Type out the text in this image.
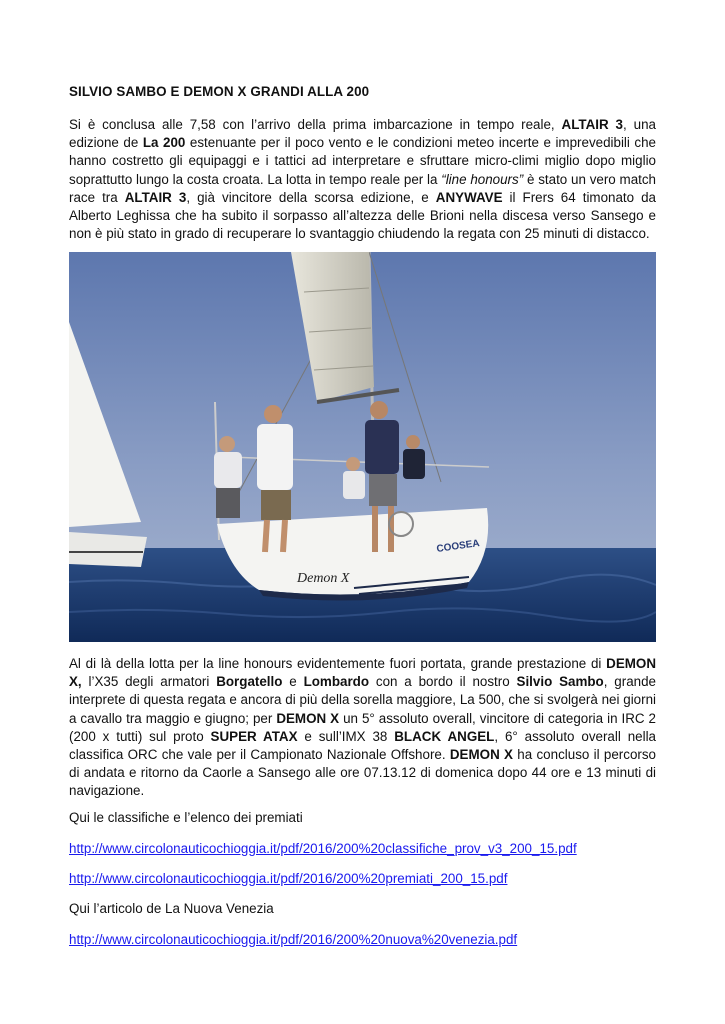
SILVIO SAMBO E DEMON X GRANDI ALLA 200
Si è conclusa alle 7,58 con l’arrivo della prima imbarcazione in tempo reale, ALTAIR 3, una
edizione de La 200 estenuante per il poco vento e le condizioni meteo incerte e imprevedibili che
hanno costretto gli equipaggi e i tattici ad interpretare e sfruttare micro-climi miglio dopo miglio
soprattutto lungo la costa croata. La lotta in tempo reale per la “line honours” è stato un vero match
race tra ALTAIR 3, già vincitore della scorsa edizione, e ANYWAVE il Frers 64 timonato da
Alberto Leghissa che ha subito il sorpasso all’altezza delle Brioni nella discesa verso Sansego e
non è più stato in grado di recuperare lo svantaggio chiudendo la regata con 25 minuti di distacco.
Demon X
COOSEA
Al di là della lotta per la line honours evidentemente fuori portata, grande prestazione di DEMON
X, l’X35 degli armatori Borgatello e Lombardo con a bordo il nostro Silvio Sambo, grande
interprete di questa regata e ancora di più della sorella maggiore, La 500, che si svolgerà nei giorni
a cavallo tra maggio e giugno; per DEMON X un 5° assoluto overall, vincitore di categoria in IRC 2
(200 x tutti) sul proto SUPER ATAX e sull’IMX 38 BLACK ANGEL, 6° assoluto overall nella
classifica ORC che vale per il Campionato Nazionale Offshore. DEMON X ha concluso il percorso
di andata e ritorno da Caorle a Sansego alle ore 07.13.12 di domenica dopo 44 ore e 13 minuti di
navigazione.
Qui le classifiche e l’elenco dei premiati
http://www.circolonauticochioggia.it/pdf/2016/200%20classifiche_prov_v3_200_15.pdf
http://www.circolonauticochioggia.it/pdf/2016/200%20premiati_200_15.pdf
Qui l’articolo de La Nuova Venezia
http://www.circolonauticochioggia.it/pdf/2016/200%20nuova%20venezia.pdf
